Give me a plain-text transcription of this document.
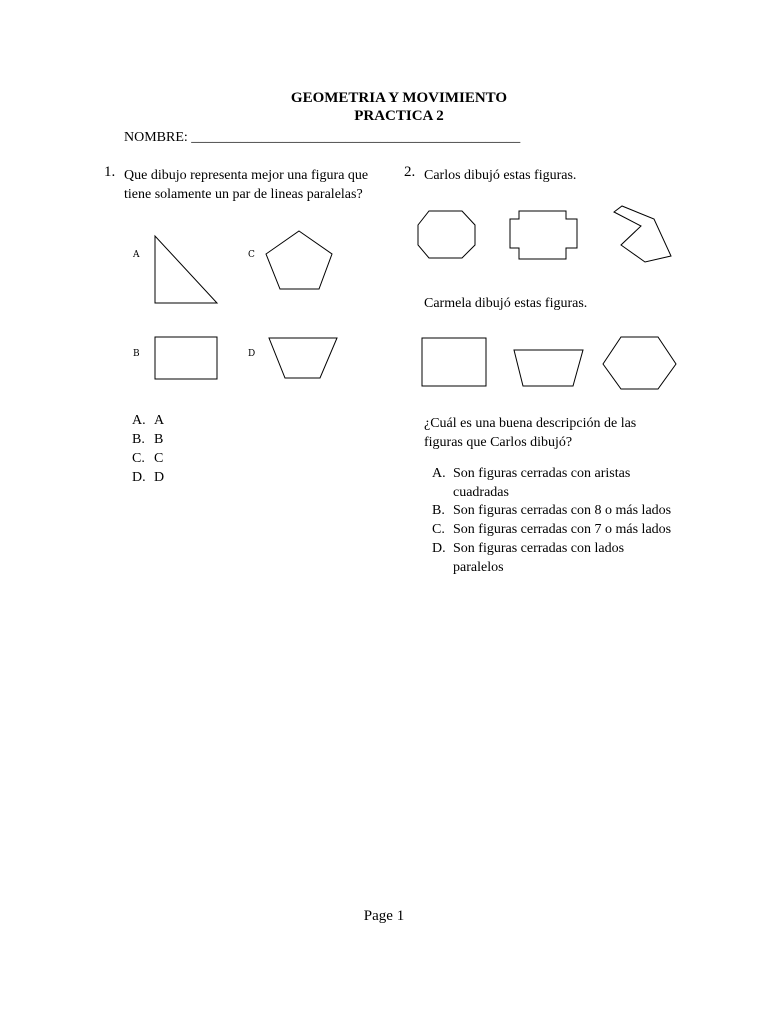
GEOMETRIA Y MOVIMIENTO
PRACTICA 2
NOMBRE: _______________________________________________
1. Que dibujo representa mejor una figura que
tiene solamente un par de lineas paralelas?
A	C
B	D
A. A
B. B
C. C
D. D
2. Carlos dibujó estas figuras.
Carmela dibujó estas figuras.
¿Cuál es una buena descripción de las
figuras que Carlos dibujó?
A. Son figuras cerradas con aristas
cuadradas
B. Son figuras cerradas con 8 o más lados
C. Son figuras cerradas con 7 o más lados
D. Son figuras cerradas con lados
paralelos
Page 1
